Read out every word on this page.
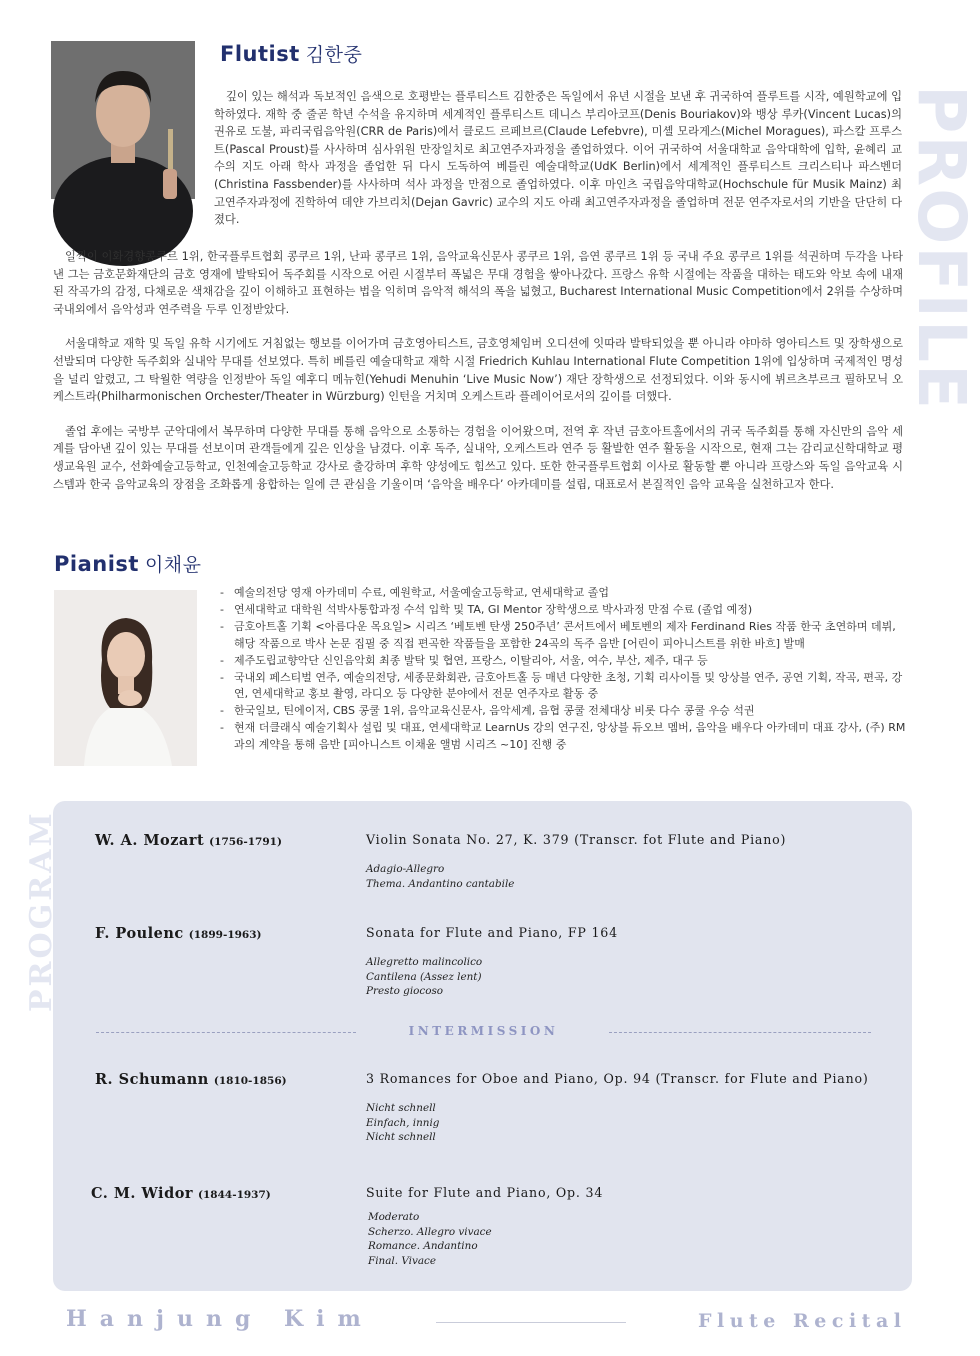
Flutist 김한중
PROFILE

깊이 있는 해석과 독보적인 음색으로 호평받는 플루티스트 김한중은 독일에서 유년 시절을 보낸 후 귀국하여 플루트를 시작, 예원학교에 입학하였다. 재학 중 줄곧 학년 수석을 유지하며 세계적인 플루티스트 데니스 부리아코프(Denis Bouriakov)와 뱅상 루카(Vincent Lucas)의 권유로 도불, 파리국립음악원(CRR de Paris)에서 클로드 르페브르(Claude Lefebvre), 미셸 모라게스(Michel Moragues), 파스칼 프루스트(Pascal Proust)를 사사하며 심사위원 만장일치로 최고연주자과정을 졸업하였다. 이어 귀국하여 서울대학교 음악대학에 입학, 윤혜리 교수의 지도 아래 학사 과정을 졸업한 뒤 다시 도독하여 베를린 예술대학교(UdK Berlin)에서 세계적인 플루티스트 크리스티나 파스벤더(Christina Fassbender)를 사사하며 석사 과정을 만점으로 졸업하였다. 이후 마인츠 국립음악대학교(Hochschule für Musik Mainz) 최고연주자과정에 진학하여 데얀 가브리치(Dejan Gavric) 교수의 지도 아래 최고연주자과정을 졸업하며 전문 연주자로서의 기반을 단단히 다졌다.

일찍이 이화경향콩쿠르 1위, 한국플루트협회 콩쿠르 1위, 난파 콩쿠르 1위, 음악교육신문사 콩쿠르 1위, 음연 콩쿠르 1위 등 국내 주요 콩쿠르 1위를 석권하며 두각을 나타낸 그는 금호문화재단의 금호 영재에 발탁되어 독주회를 시작으로 어린 시절부터 폭넓은 무대 경험을 쌓아나갔다. 프랑스 유학 시절에는 작품을 대하는 태도와 악보 속에 내재된 작곡가의 감정, 다채로운 색채감을 깊이 이해하고 표현하는 법을 익히며 음악적 해석의 폭을 넓혔고, Bucharest International Music Competition에서 2위를 수상하며 국내외에서 음악성과 연주력을 두루 인정받았다.

서울대학교 재학 및 독일 유학 시기에도 거침없는 행보를 이어가며 금호영아티스트, 금호영체임버 오디션에 잇따라 발탁되었을 뿐 아니라 야마하 영아티스트 및 장학생으로 선발되며 다양한 독주회와 실내악 무대를 선보였다. 특히 베를린 예술대학교 재학 시절 Friedrich Kuhlau International Flute Competition 1위에 입상하며 국제적인 명성을 널리 알렸고, 그 탁월한 역량을 인정받아 독일 예후디 메뉴힌(Yehudi Menuhin ‘Live Music Now’) 재단 장학생으로 선정되었다. 이와 동시에 뷔르츠부르크 필하모닉 오케스트라(Philharmonischen Orchester/Theater in Würzburg) 인턴을 거치며 오케스트라 플레이어로서의 깊이를 더했다.

졸업 후에는 국방부 군악대에서 복무하며 다양한 무대를 통해 음악으로 소통하는 경험을 이어왔으며, 전역 후 작년 금호아트홀에서의 귀국 독주회를 통해 자신만의 음악 세계를 담아낸 깊이 있는 무대를 선보이며 관객들에게 깊은 인상을 남겼다. 이후 독주, 실내악, 오케스트라 연주 등 활발한 연주 활동을 시작으로, 현재 그는 감리교신학대학교 평생교육원 교수, 선화예술고등학교, 인천예술고등학교 강사로 출강하며 후학 양성에도 힘쓰고 있다. 또한 한국플루트협회 이사로 활동할 뿐 아니라 프랑스와 독일 음악교육 시스템과 한국 음악교육의 장점을 조화롭게 융합하는 일에 큰 관심을 기울이며 ‘음악을 배우다’ 아카데미를 설립, 대표로서 본질적인 음악 교육을 실천하고자 한다.

Pianist 이채윤
- 예술의전당 영재 아카데미 수료, 예원학교, 서울예술고등학교, 연세대학교 졸업
- 연세대학교 대학원 석박사통합과정 수석 입학 및 TA, GI Mentor 장학생으로 박사과정 만점 수료 (졸업 예정)
- 금호아트홀 기획 <아름다운 목요일> 시리즈 ‘베토벤 탄생 250주년’ 콘서트에서 베토벤의 제자 Ferdinand Ries 작품 한국 초연하며 데뷔, 해당 작품으로 박사 논문 집필 중 직접 편곡한 작품들을 포함한 24곡의 독주 음반 [어린이 피아니스트를 위한 바흐] 발매
- 제주도립교향악단 신인음악회 최종 발탁 및 협연, 프랑스, 이탈리아, 서울, 여수, 부산, 제주, 대구 등
- 국내외 페스티벌 연주, 예술의전당, 세종문화회관, 금호아트홀 등 매년 다양한 초청, 기획 리사이틀 및 앙상블 연주, 공연 기획, 작곡, 편곡, 강연, 연세대학교 홍보 촬영, 라디오 등 다양한 분야에서 전문 연주자로 활동 중
- 한국일보, 틴에이저, CBS 콩쿨 1위, 음악교육신문사, 음악세계, 음협 콩쿨 전체대상 비롯 다수 콩쿨 우승 석권
- 현재 더클래식 예술기획사 설립 및 대표, 연세대학교 LearnUs 강의 연구진, 앙상블 듀오브 멤버, 음악을 배우다 아카데미 대표 강사, (주) RM과의 계약을 통해 음반 [피아니스트 이채윤 앨범 시리즈 ~10] 진행 중
PROGRAM W. A. Mozart (1756-1791)	Violin Sonata No. 27, K. 379 (Transcr. fot Flute and Piano)
Adagio-Allegro
Thema. Andantino cantabile
F. Poulenc (1899-1963)	Sonata for Flute and Piano, FP 164
Allegretto malincolico
Cantilena (Assez lent)
Presto giocoso
INTERMISSION
R. Schumann (1810-1856)	3 Romances for Oboe and Piano, Op. 94 (Transcr. for Flute and Piano)
Nicht schnell
Einfach, innig
Nicht schnell
C. M. Widor (1844-1937)	Suite for Flute and Piano, Op. 34
Moderato
Scherzo. Allegro vivace
Romance. Andantino
Final. Vivace
Hanjung Kim	Flute Recital
